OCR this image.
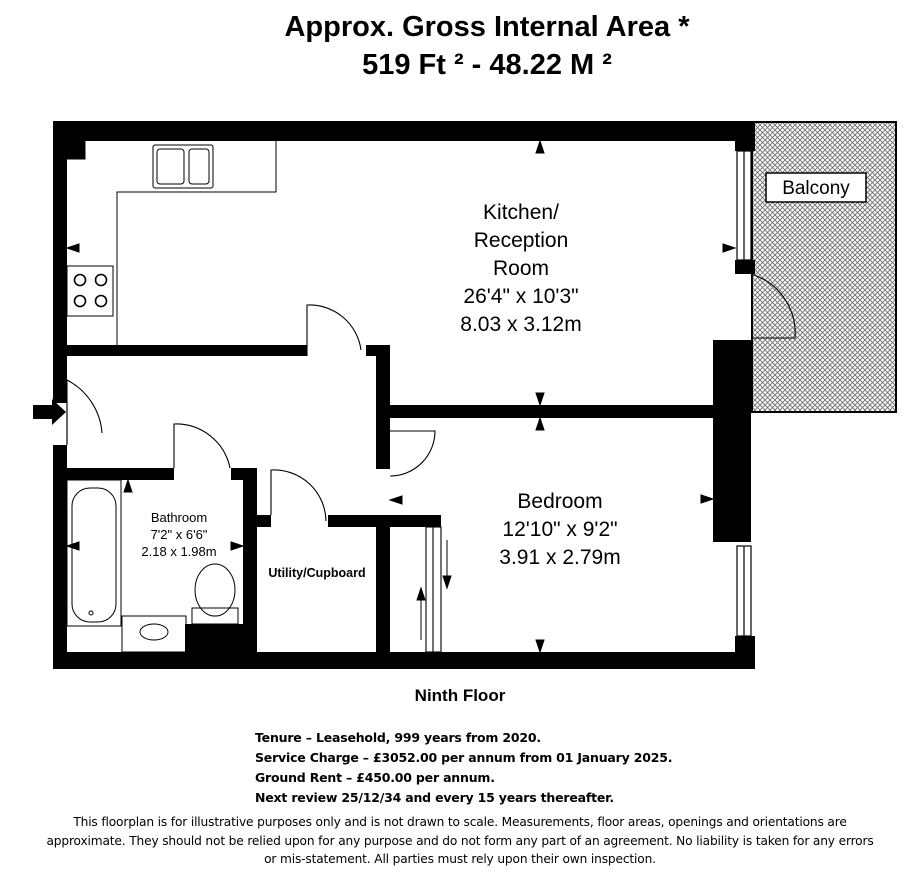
Approx. Gross Internal Area *
519 Ft ² - 48.22 M ²
Balcony
Kitchen/
Reception
Room
26'4" x 10'3"
8.03 x 3.12m
Bathroom
7'2" x 6'6"
2.18 x 1.98m
Utility/Cupboard
Bedroom
12'10" x 9'2"
3.91 x 2.79m
Ninth Floor
Tenure – Leasehold, 999 years from 2020.
Service Charge – £3052.00 per annum from 01 January 2025.
Ground Rent – £450.00 per annum.
Next review 25/12/34 and every 15 years thereafter.
This floorplan is for illustrative purposes only and is not drawn to scale. Measurements, floor areas, openings and orientations are
approximate. They should not be relied upon for any purpose and do not form any part of an agreement. No liability is taken for any errors
or mis-statement. All parties must rely upon their own inspection.
